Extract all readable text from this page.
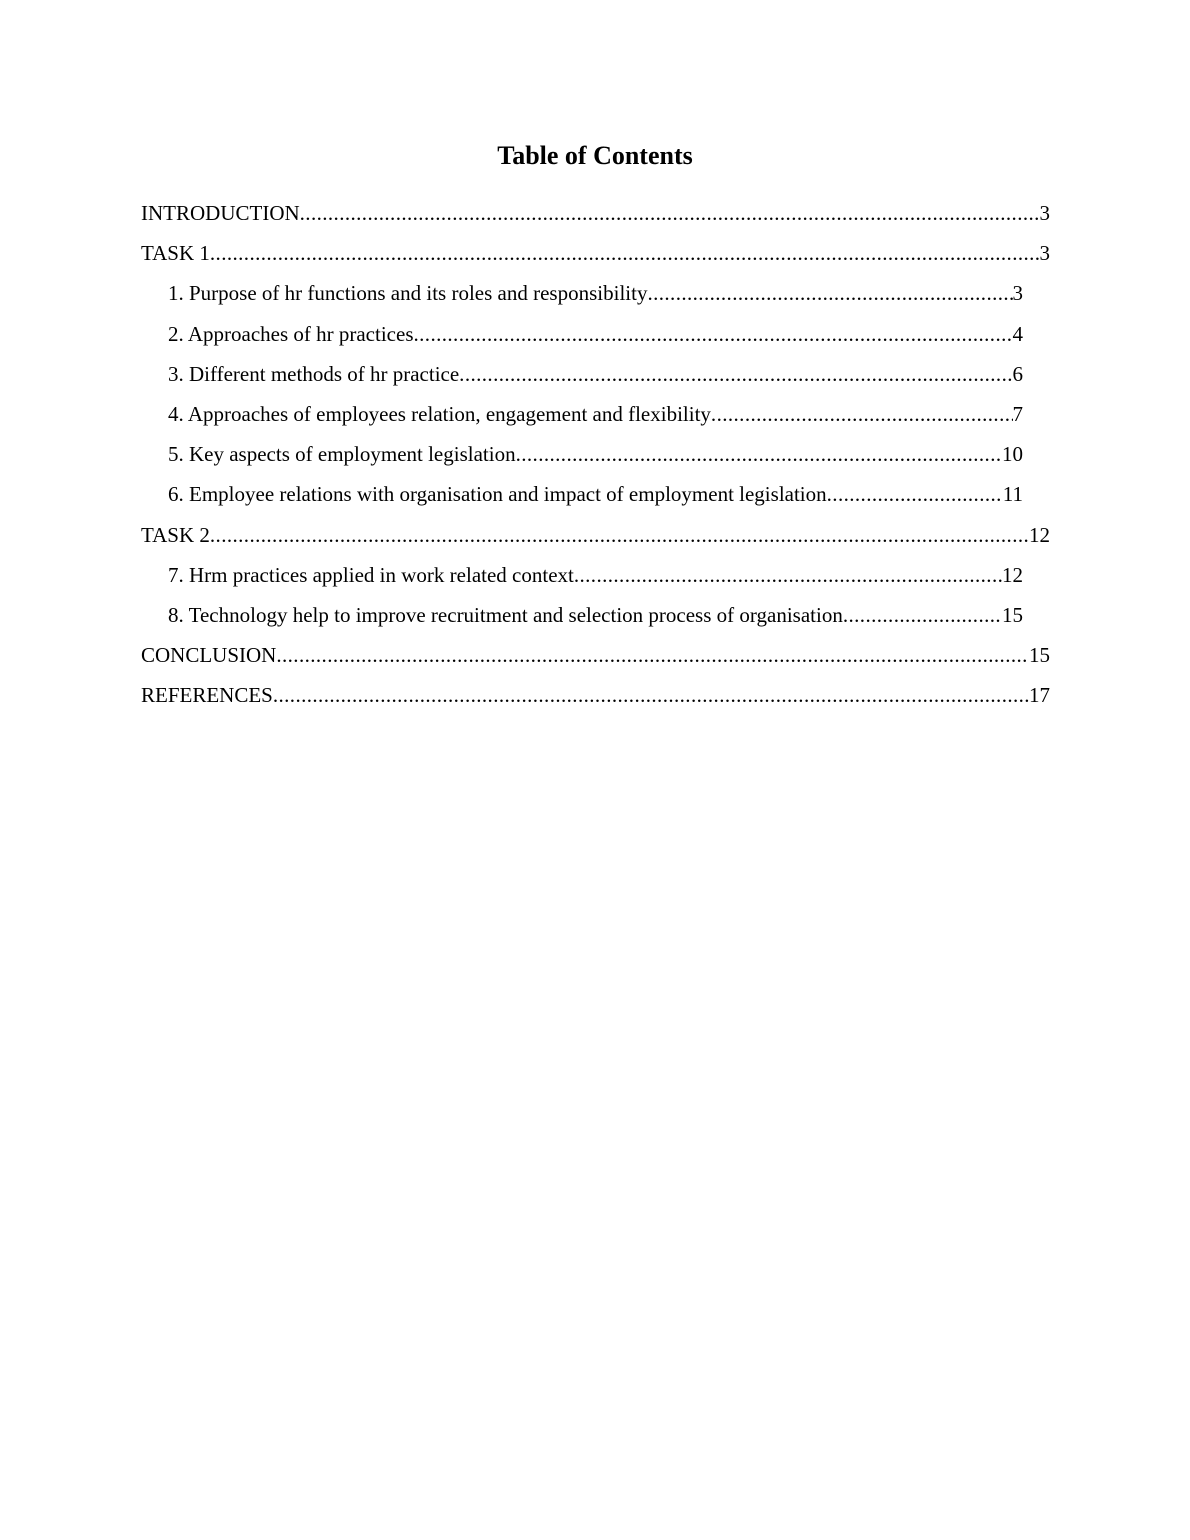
Table of Contents
INTRODUCTION .....	3
TASK 1 .....	3
1. Purpose of hr functions and its roles and responsibility .....	3
2. Approaches of hr practices .....	4
3. Different methods of hr practice .....	6
4. Approaches of employees relation, engagement and flexibility .....	7
5. Key aspects of employment legislation .....	10
6. Employee relations with organisation and impact of employment legislation .....	11
TASK 2 .....	12
7. Hrm practices applied in work related context .....	12
8. Technology help to improve recruitment and selection process of organisation .....	15
CONCLUSION .....	15
REFERENCES .....	17
